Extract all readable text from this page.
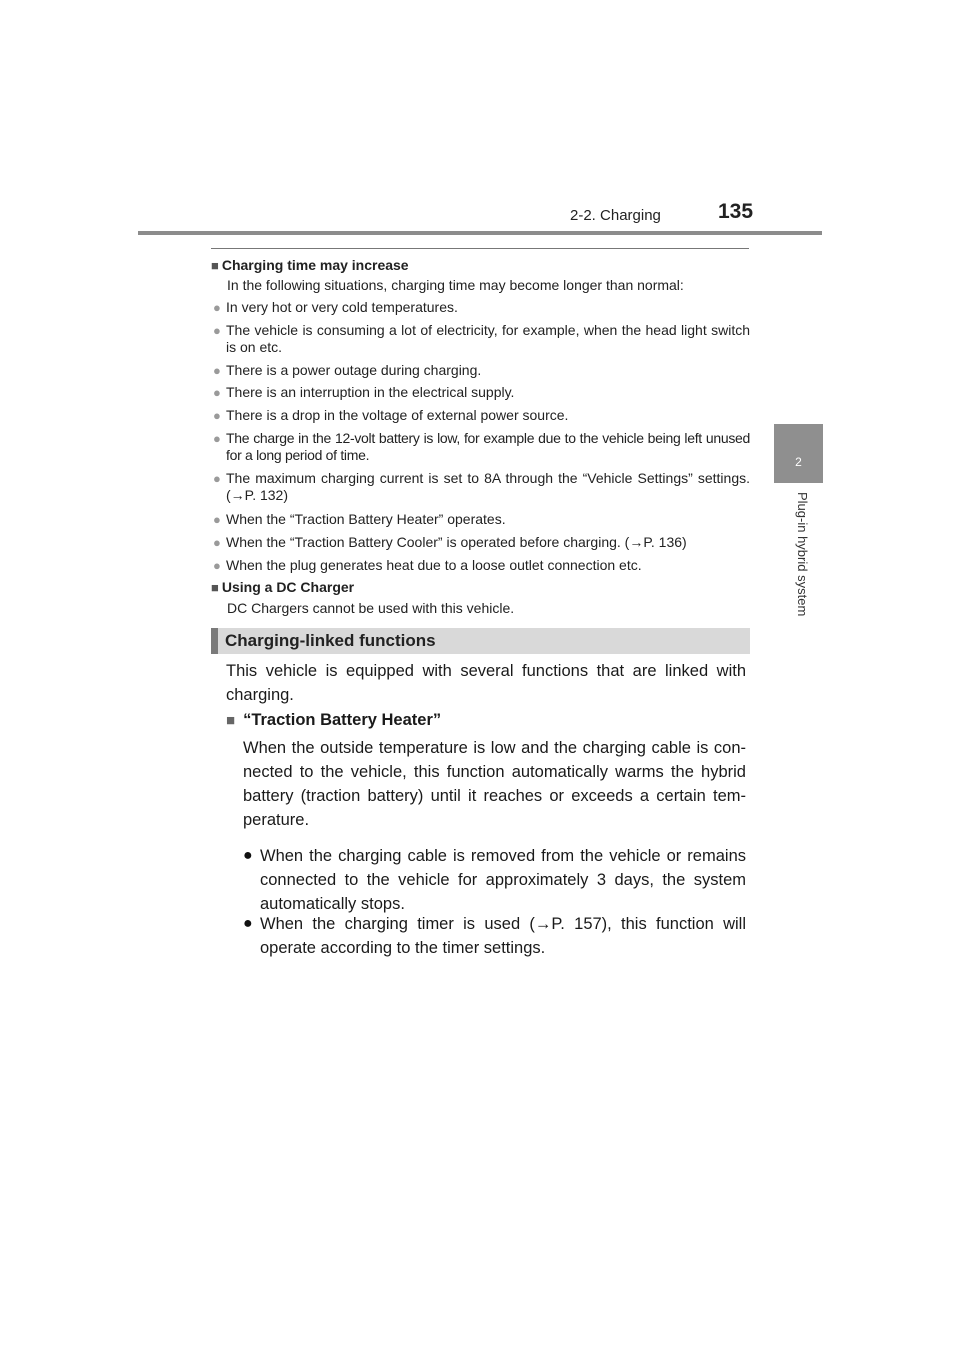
2-2. Charging	135
2
Plug-in hybrid system
■ Charging time may increase
In the following situations, charging time may become longer than normal:
● In very hot or very cold temperatures.
● The vehicle is consuming a lot of electricity, for example, when the head light switch is on etc.
● There is a power outage during charging.
● There is an interruption in the electrical supply.
● There is a drop in the voltage of external power source.
● The charge in the 12-volt battery is low, for example due to the vehicle being left unused for a long period of time.
● The maximum charging current is set to 8A through the “Vehicle Settings” settings. (→P. 132)
● When the “Traction Battery Heater” operates.
● When the “Traction Battery Cooler” is operated before charging. (→P. 136)
● When the plug generates heat due to a loose outlet connection etc.
■ Using a DC Charger
DC Chargers cannot be used with this vehicle.
Charging-linked functions
This vehicle is equipped with several functions that are linked with charging.
■ “Traction Battery Heater”
When the outside temperature is low and the charging cable is con- nected to the vehicle, this function automatically warms the hybrid battery (traction battery) until it reaches or exceeds a certain tem- perature.
● When the charging cable is removed from the vehicle or remains connected to the vehicle for approximately 3 days, the system automatically stops.
● When the charging timer is used (→P. 157), this function will operate according to the timer settings.
